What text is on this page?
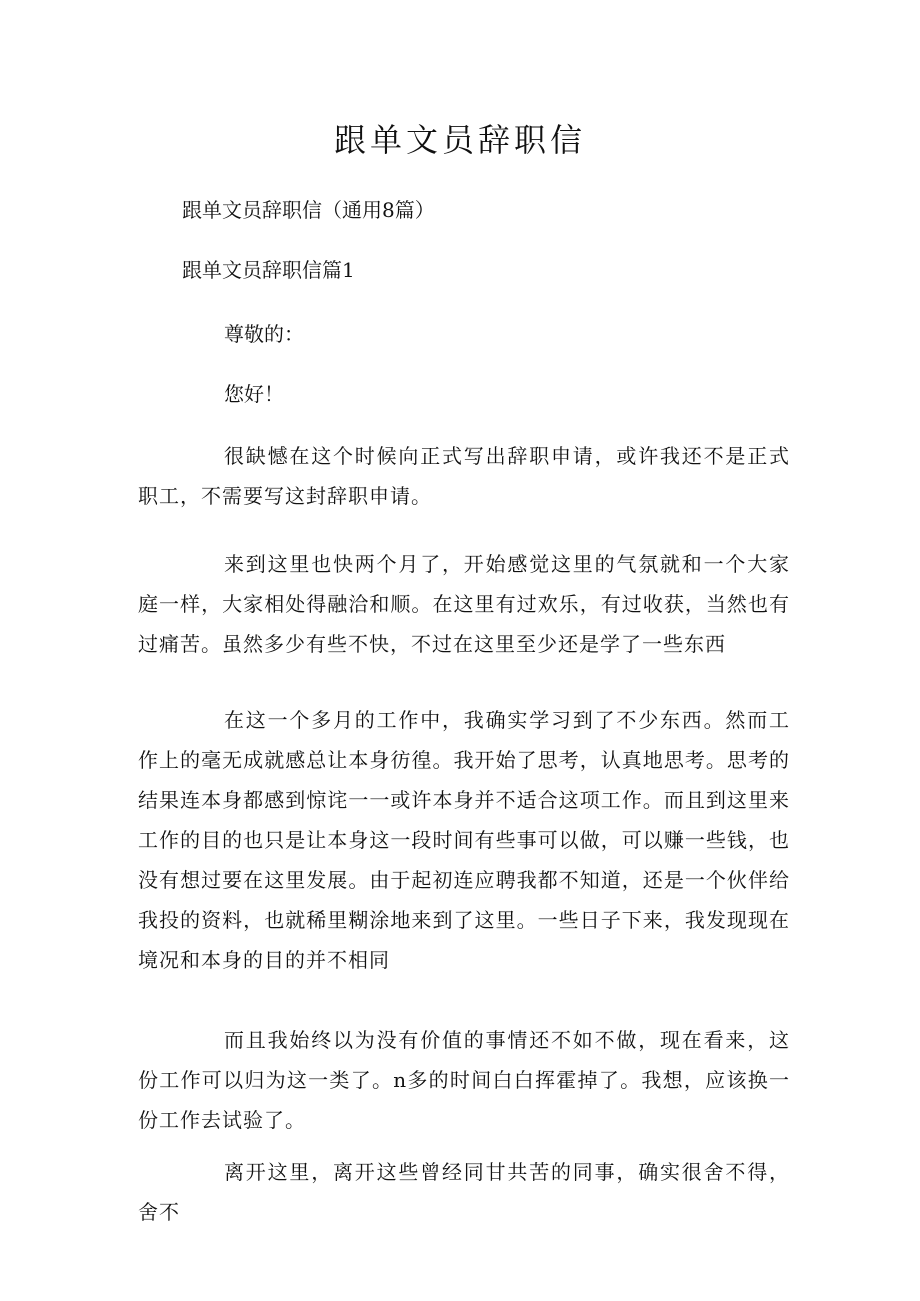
跟单文员辞职信
跟单文员辞职信（通用8篇）
跟单文员辞职信篇1
尊敬的：
您好！
很缺憾在这个时候向正式写出辞职申请，或许我还不是正式职工，不需要写这封辞职申请。
来到这里也快两个月了，开始感觉这里的气氛就和一个大家庭一样，大家相处得融洽和顺。在这里有过欢乐，有过收获，当然也有过痛苦。虽然多少有些不快，不过在这里至少还是学了一些东西
在这一个多月的工作中，我确实学习到了不少东西。然而工作上的毫无成就感总让本身彷徨。我开始了思考，认真地思考。思考的结果连本身都感到惊诧一一或许本身并不适合这项工作。而且到这里来工作的目的也只是让本身这一段时间有些事可以做，可以赚一些钱，也没有想过要在这里发展。由于起初连应聘我都不知道，还是一个伙伴给我投的资料，也就稀里糊涂地来到了这里。一些日子下来，我发现现在境况和本身的目的并不相同
而且我始终以为没有价值的事情还不如不做，现在看来，这份工作可以归为这一类了。n多的时间白白挥霍掉了。我想，应该换一份工作去试验了。
离开这里，离开这些曾经同甘共苦的同事，确实很舍不得，舍不
